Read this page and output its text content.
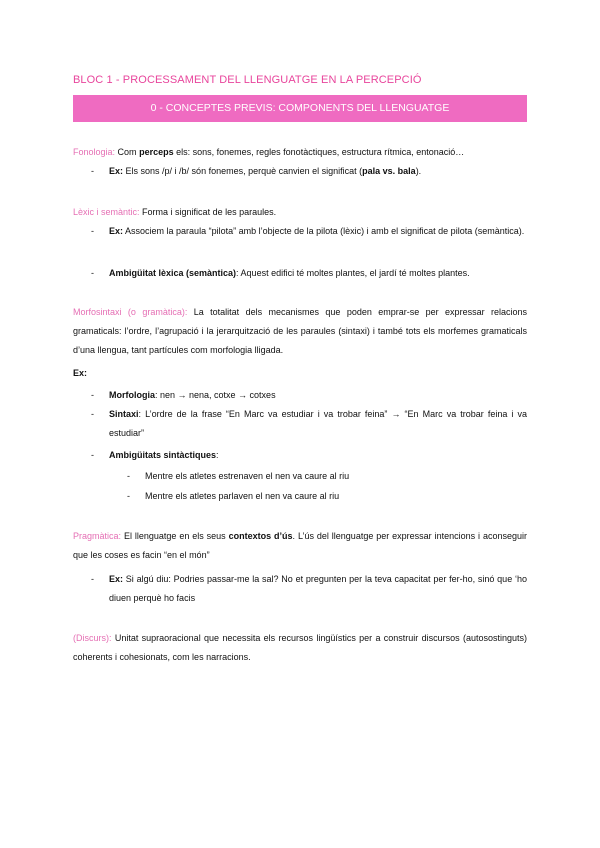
BLOC 1 - PROCESSAMENT DEL LLENGUATGE EN LA PERCEPCIÓ
0 - CONCEPTES PREVIS: COMPONENTS DEL LLENGUATGE
Fonologia: Com perceps els: sons, fonemes, regles fonotàctiques, estructura rítmica, entonació…
- Ex: Els sons /p/ i /b/ són fonemes, perquè canvien el significat (pala vs. bala).
Lèxic i semàntic: Forma i significat de les paraules.
- Ex: Associem la paraula “pilota” amb l’objecte de la pilota (lèxic) i amb el significat de pilota (semàntica).
- Ambigüitat lèxica (semàntica): Aquest edifici té moltes plantes, el jardí té moltes plantes.
Morfosintaxi (o gramàtica): La totalitat dels mecanismes que poden emprar-se per expressar relacions gramaticals: l’ordre, l’agrupació i la jerarquització de les paraules (sintaxi) i també tots els morfemes gramaticals d’una llengua, tant partícules com morfologia lligada.
Ex:
- Morfologia: nen → nena, cotxe → cotxes
- Sintaxi: L’ordre de la frase “En Marc va estudiar i va trobar feina” → “En Marc va trobar feina i va estudiar”
- Ambigüitats sintàctiques:
- Mentre els atletes estrenaven el nen va caure al riu
- Mentre els atletes parlaven el nen va caure al riu
Pragmàtica: El llenguatge en els seus contextos d’ús. L’ús del llenguatge per expressar intencions i aconseguir que les coses es facin “en el món”
- Ex: Si algú diu: Podries passar-me la sal? No et pregunten per la teva capacitat per fer-ho, sinó que ‘ho diuen perquè ho facis
(Discurs): Unitat supraoracional que necessita els recursos lingüístics per a construir discursos (autosostinguts) coherents i cohesionats, com les narracions.
